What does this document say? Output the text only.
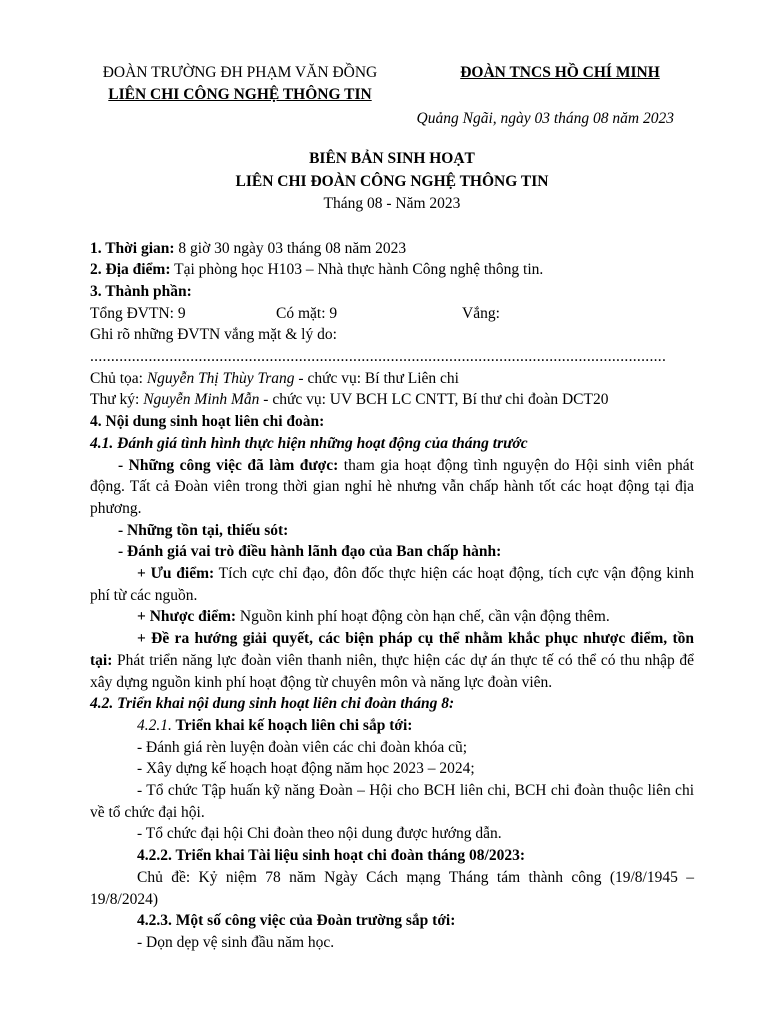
ĐOÀN TRƯỜNG ĐH PHẠM VĂN ĐỒNG
LIÊN CHI CÔNG NGHỆ THÔNG TIN
ĐOÀN TNCS HỒ CHÍ MINH
Quảng Ngãi, ngày 03 tháng 08 năm 2023
BIÊN BẢN SINH HOẠT
LIÊN CHI ĐOÀN CÔNG NGHỆ THÔNG TIN
Tháng 08 - Năm 2023

1. Thời gian: 8 giờ 30 ngày 03 tháng 08 năm 2023

2. Địa điểm: Tại phòng học H103 – Nhà thực hành Công nghệ thông tin.

3. Thành phần:

Tổng ĐVTN: 9	Có mặt: 9	Vắng:

Ghi rõ những ĐVTN vắng mặt & lý do:

..........................................................................................................................................

Chủ tọa: Nguyễn Thị Thùy Trang - chức vụ: Bí thư Liên chi

Thư ký: Nguyễn Minh Mẫn - chức vụ: UV BCH LC CNTT, Bí thư chi đoàn DCT20

4. Nội dung sinh hoạt liên chi đoàn:

4.1. Đánh giá tình hình thực hiện những hoạt động của tháng trước

- Những công việc đã làm được: tham gia hoạt động tình nguyện do Hội sinh viên phát động. Tất cả Đoàn viên trong thời gian nghỉ hè nhưng vẫn chấp hành tốt các hoạt động tại địa phương.

- Những tồn tại, thiếu sót:

- Đánh giá vai trò điều hành lãnh đạo của Ban chấp hành:

+ Ưu điểm: Tích cực chỉ đạo, đôn đốc thực hiện các hoạt động, tích cực vận động kinh phí từ các nguồn.

+ Nhược điểm: Nguồn kinh phí hoạt động còn hạn chế, cần vận động thêm.

+ Đề ra hướng giải quyết, các biện pháp cụ thể nhằm khắc phục nhược điểm, tồn tại: Phát triển năng lực đoàn viên thanh niên, thực hiện các dự án thực tế có thể có thu nhập để xây dựng nguồn kinh phí hoạt động từ chuyên môn và năng lực đoàn viên.

4.2. Triển khai nội dung sinh hoạt liên chi đoàn tháng 8:

4.2.1. Triển khai kế hoạch liên chi sắp tới:

- Đánh giá rèn luyện đoàn viên các chi đoàn khóa cũ;

- Xây dựng kế hoạch hoạt động năm học 2023 – 2024;

- Tổ chức Tập huấn kỹ năng Đoàn – Hội cho BCH liên chi, BCH chi đoàn thuộc liên chi về tổ chức đại hội.

- Tổ chức đại hội Chi đoàn theo nội dung được hướng dẫn.

4.2.2. Triển khai Tài liệu sinh hoạt chi đoàn tháng 08/2023:

Chủ đề: Kỷ niệm 78 năm Ngày Cách mạng Tháng tám thành công (19/8/1945 – 19/8/2024)

4.2.3. Một số công việc của Đoàn trường sắp tới:

- Dọn dẹp vệ sinh đầu năm học.
